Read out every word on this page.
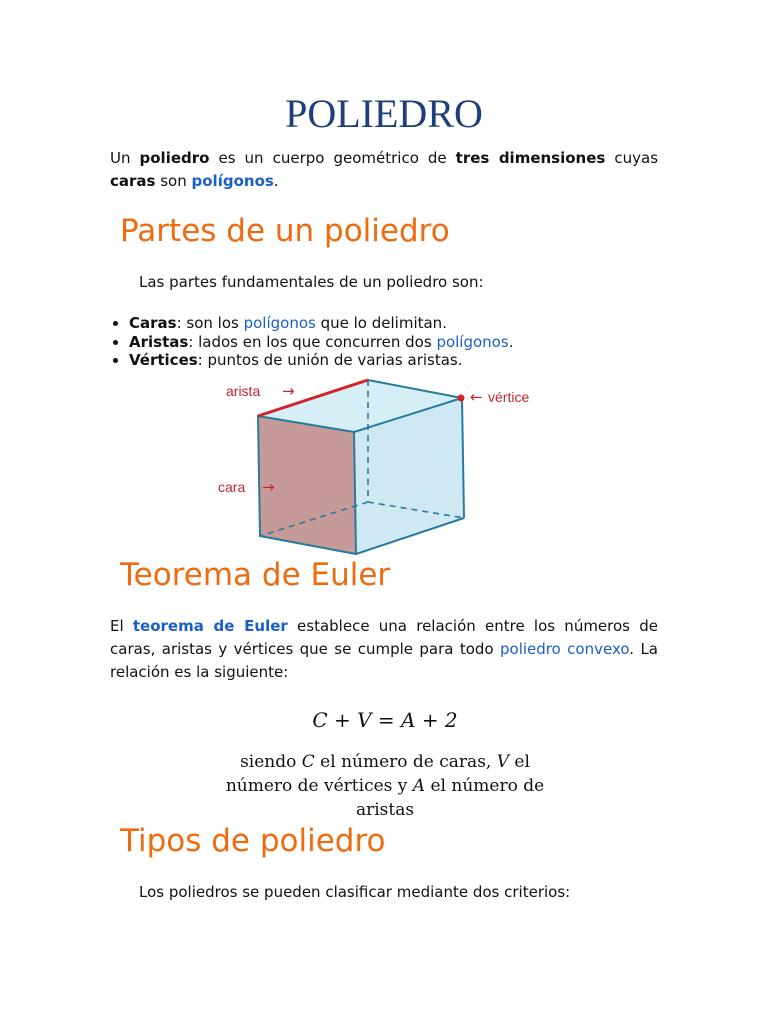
POLIEDRO

Un poliedro es un cuerpo geométrico de tres dimensiones cuyas caras son polígonos.

Partes de un poliedro

Las partes fundamentales de un poliedro son:

• Caras: son los polígonos que lo delimitan.
• Aristas: lados en los que concurren dos polígonos.
• Vértices: puntos de unión de varias aristas.
arista →	← vértice
cara →
Teorema de Euler

El teorema de Euler establece una relación entre los números de caras, aristas y vértices que se cumple para todo poliedro convexo. La relación es la siguiente:

C + V = A + 2
siendo C el número de caras, V el número de vértices y A el número de aristas
Tipos de poliedro

Los poliedros se pueden clasificar mediante dos criterios:
